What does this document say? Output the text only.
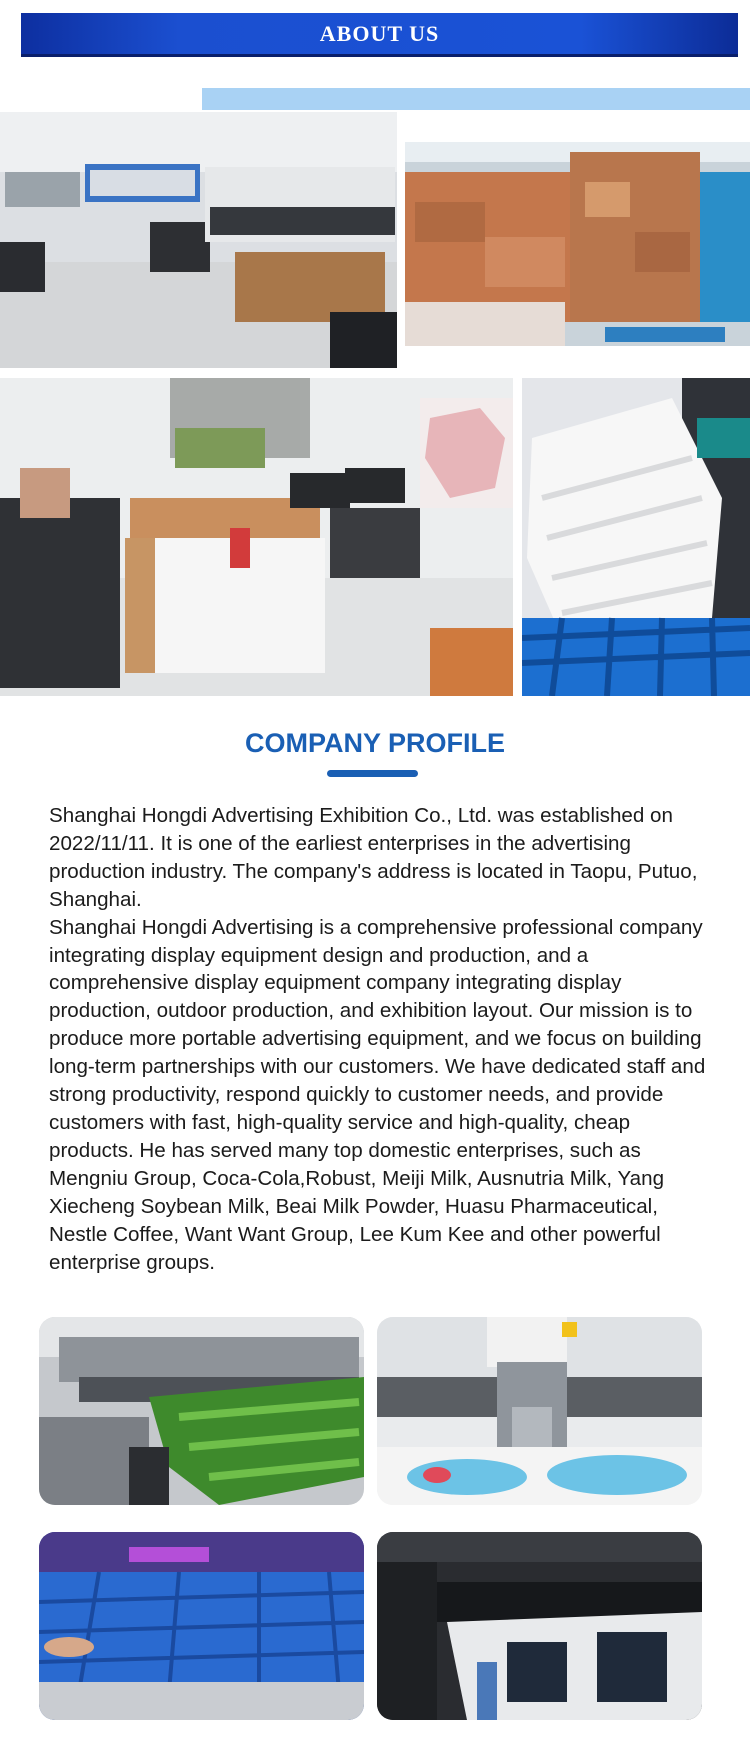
ABOUT US
COMPANY PROFILE

Shanghai Hongdi Advertising Exhibition Co., Ltd. was established on 2022/11/11. It is one of the earliest enterprises in the advertising production industry. The company's address is located in Taopu, Putuo, Shanghai.

Shanghai Hongdi Advertising is a comprehensive professional company integrating display equipment design and production, and a comprehensive display equipment company integrating display production, outdoor production, and exhibition layout. Our mission is to produce more portable advertising equipment, and we focus on building long-term partnerships with our customers. We have dedicated staff and strong productivity, respond quickly to customer needs, and provide customers with fast, high-quality service and high-quality, cheap products. He has served many top domestic enterprises, such as Mengniu Group, Coca-Cola,Robust, Meiji Milk, Ausnutria Milk, Yang Xiecheng Soybean Milk, Beai Milk Powder, Huasu Pharmaceutical, Nestle Coffee, Want Want Group, Lee Kum Kee and other powerful enterprise groups.
